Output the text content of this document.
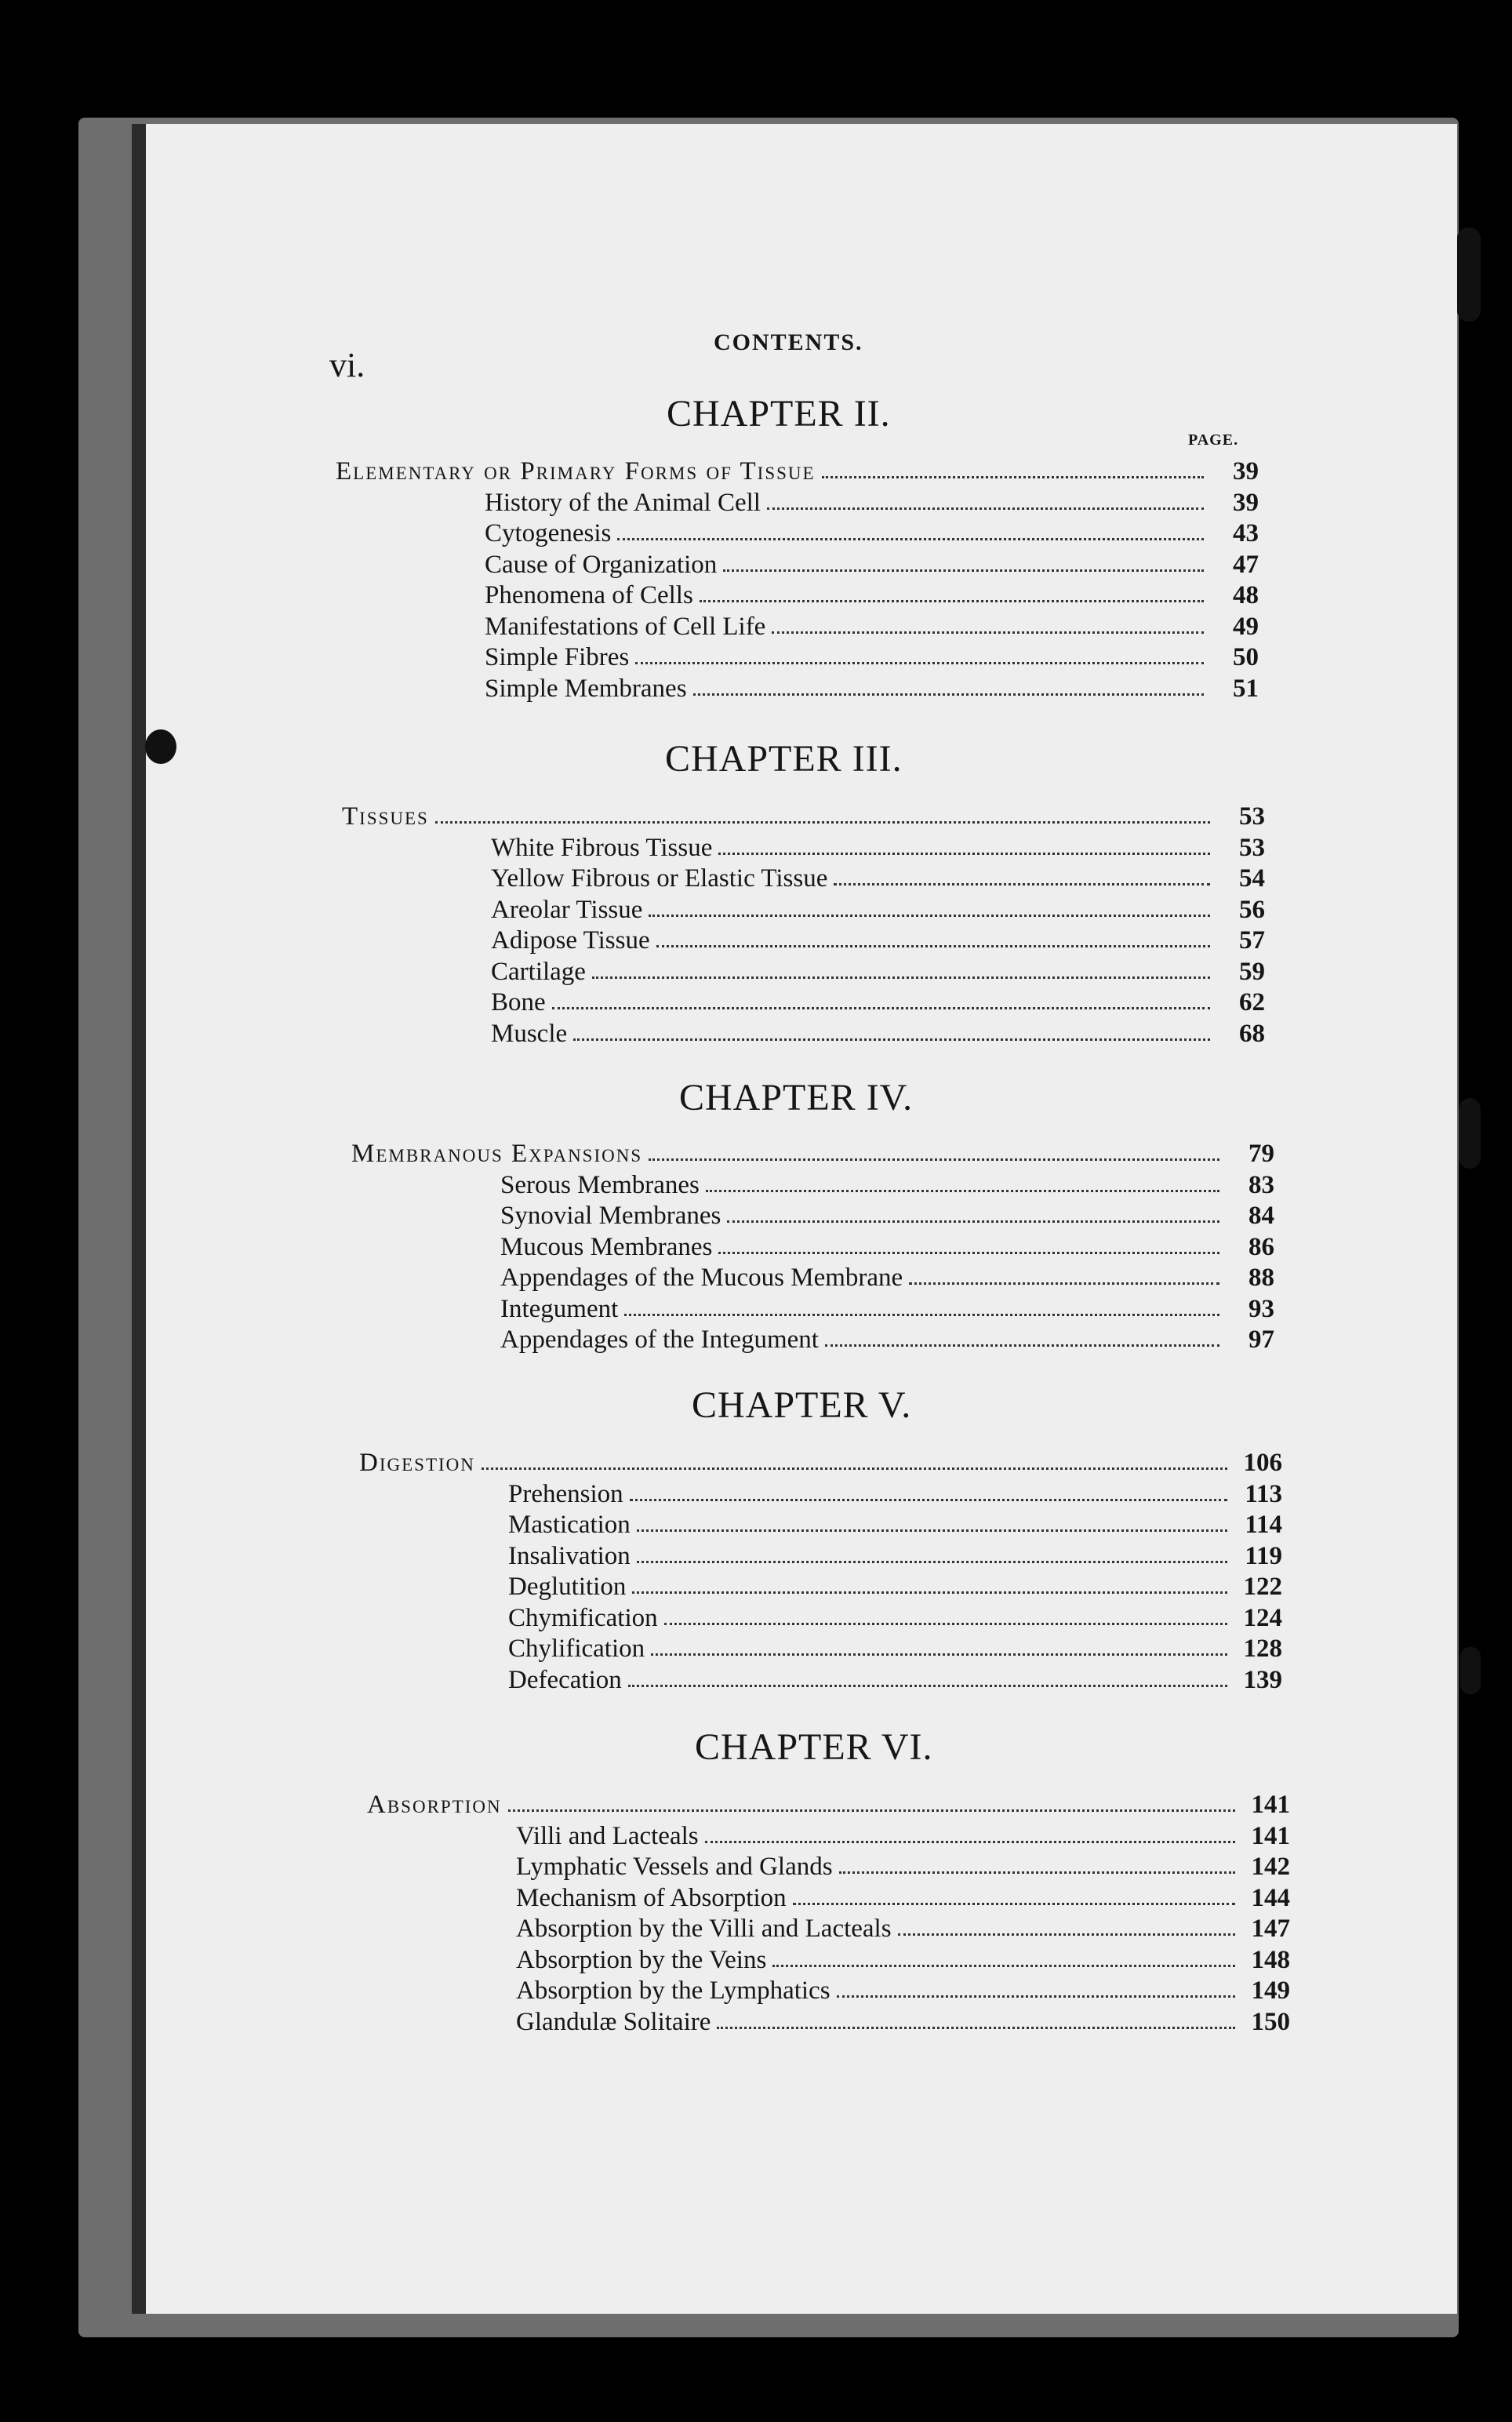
vi.
CONTENTS.
PAGE.
CHAPTER II.
Elementary or Primary Forms of Tissue	39
History of the Animal Cell	39
Cytogenesis	43
Cause of Organization	47
Phenomena of Cells	48
Manifestations of Cell Life	49
Simple Fibres	50
Simple Membranes	51
CHAPTER III.
Tissues	53
White Fibrous Tissue	53
Yellow Fibrous or Elastic Tissue	54
Areolar Tissue	56
Adipose Tissue	57
Cartilage	59
Bone	62
Muscle	68
CHAPTER IV.
Membranous Expansions	79
Serous Membranes	83
Synovial Membranes	84
Mucous Membranes	86
Appendages of the Mucous Membrane	88
Integument	93
Appendages of the Integument	97
CHAPTER V.
Digestion	106
Prehension	113
Mastication	114
Insalivation	119
Deglutition	122
Chymification	124
Chylification	128
Defecation	139
CHAPTER VI.
Absorption	141
Villi and Lacteals	141
Lymphatic Vessels and Glands	142
Mechanism of Absorption	144
Absorption by the Villi and Lacteals	147
Absorption by the Veins	148
Absorption by the Lymphatics	149
Glandulæ Solitaire	150
